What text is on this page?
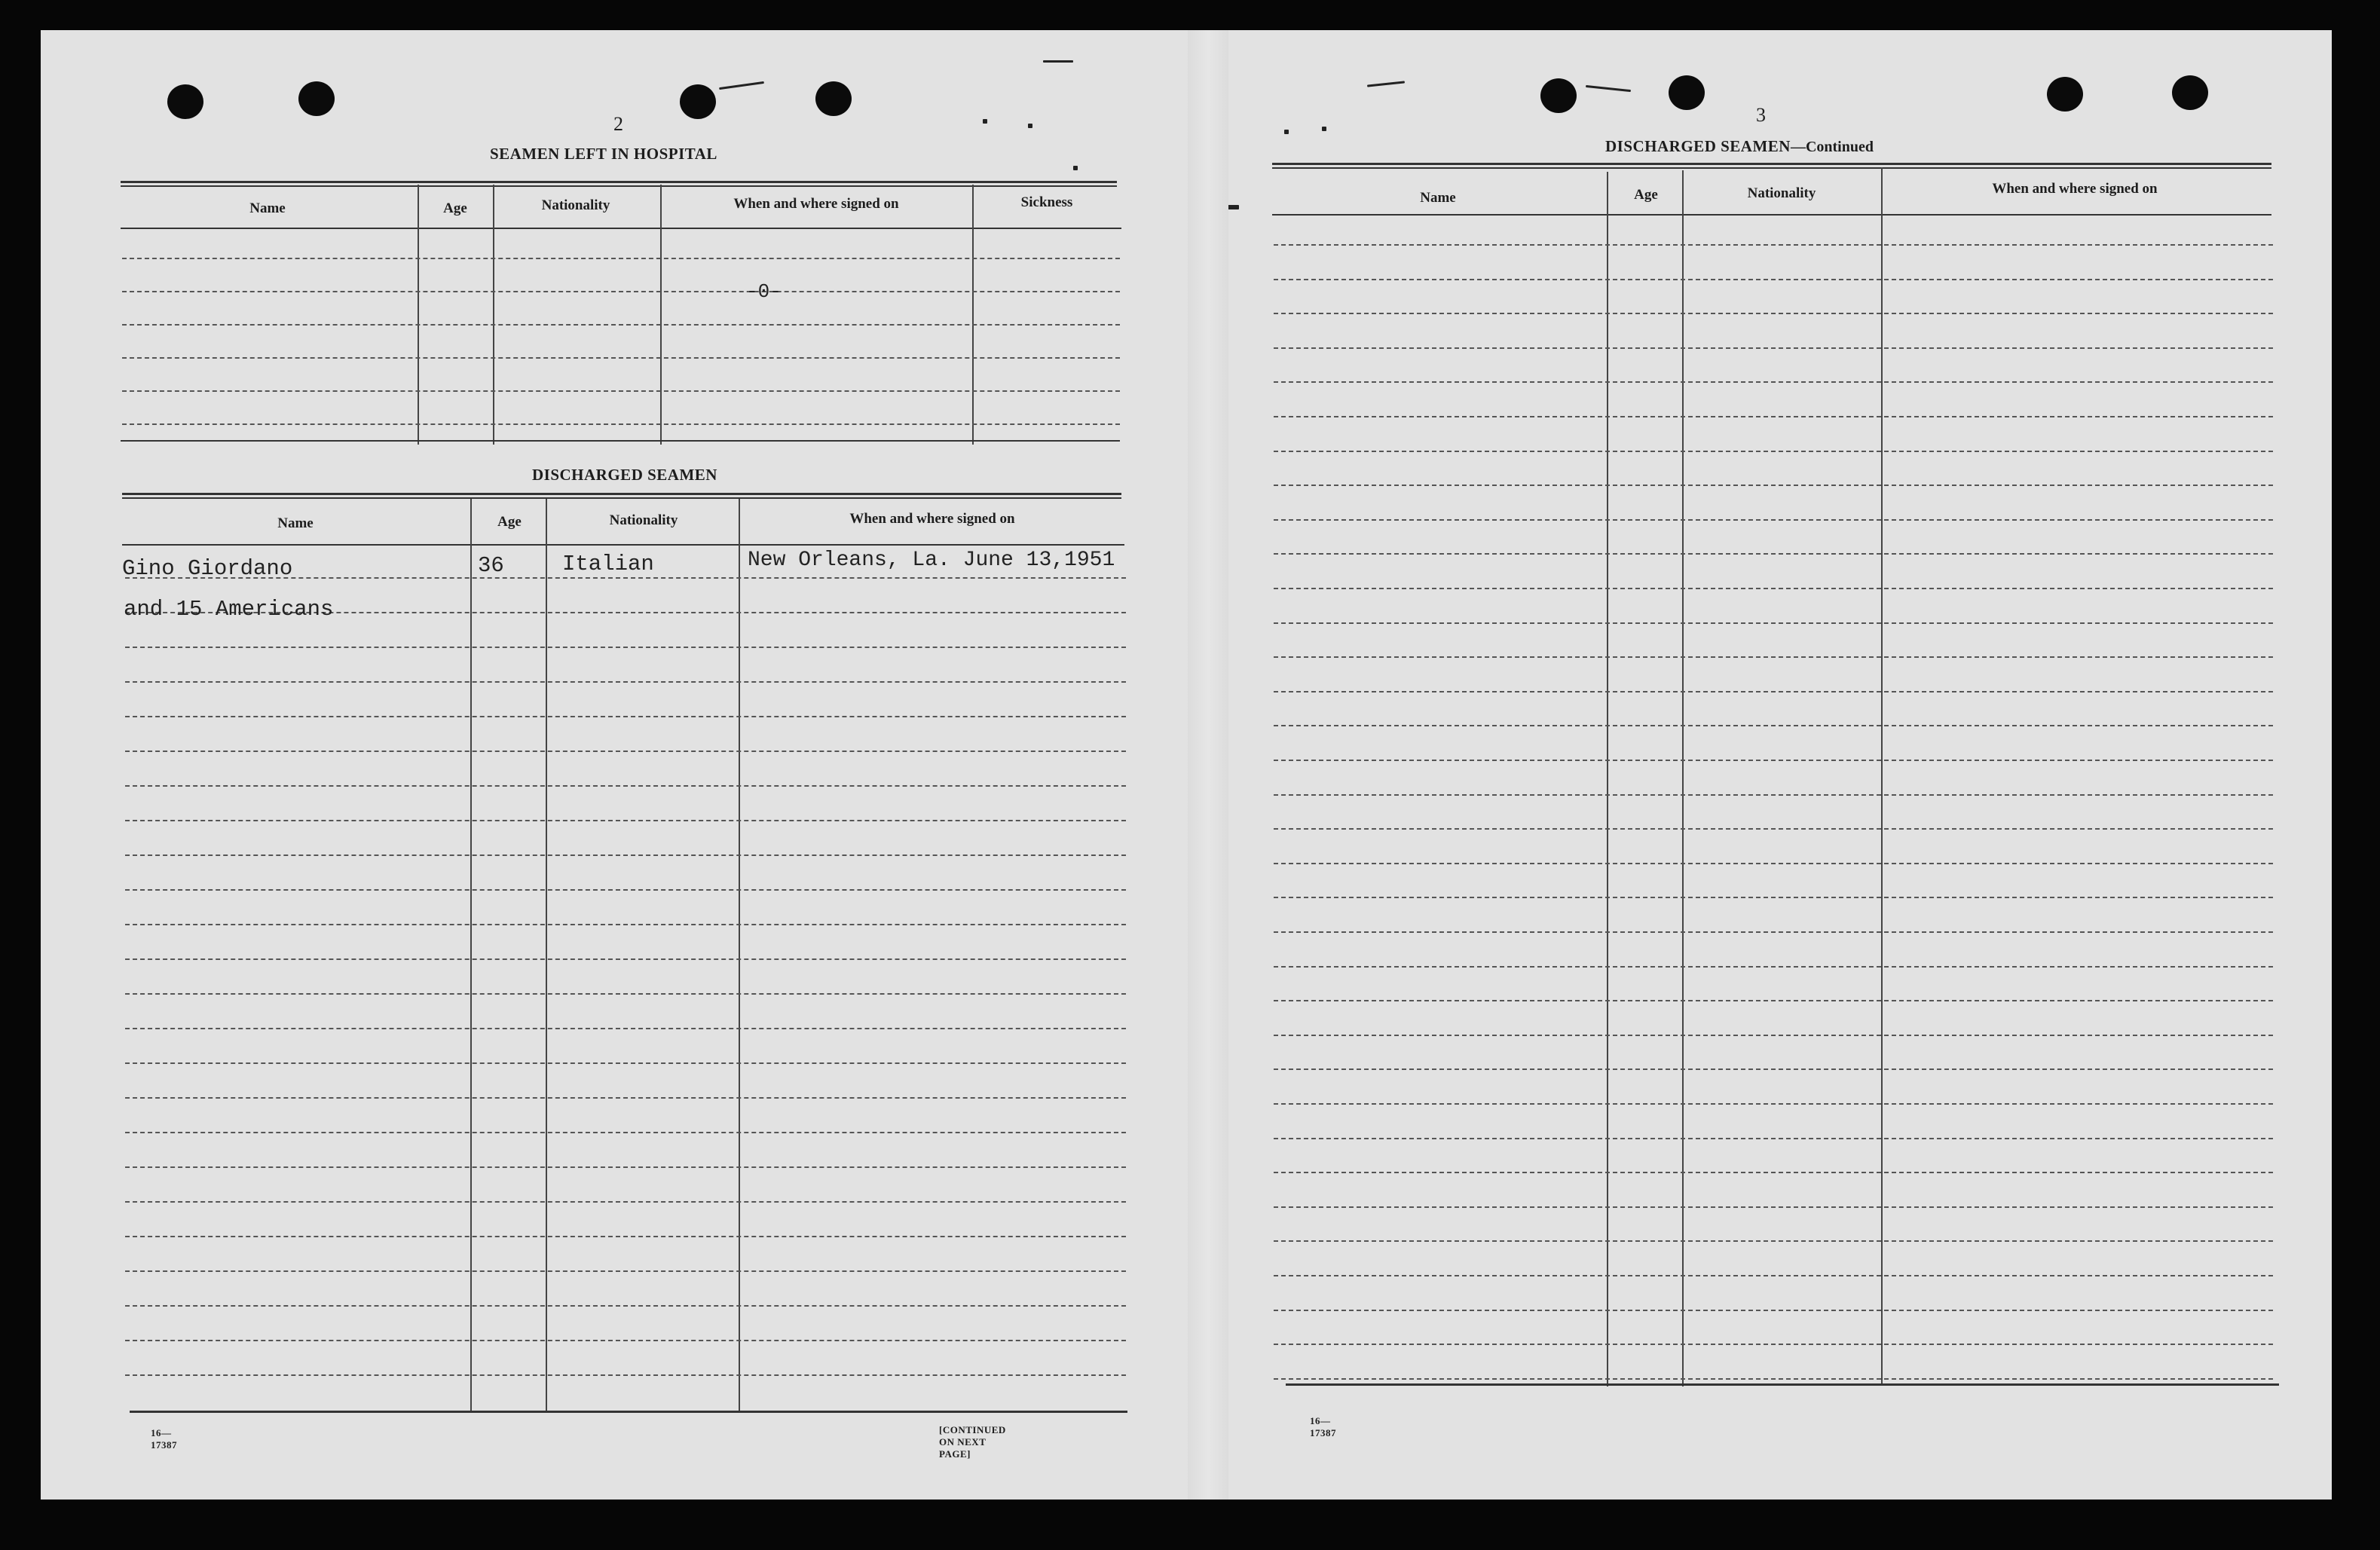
2
SEAMEN LEFT IN HOSPITAL
Name	Age	Nationality	When and where signed on	Sickness
-0-
DISCHARGED SEAMEN
Name	Age	Nationality	When and where signed on
Gino Giordano	36	Italian	New Orleans, La. June 13,1951
and 15 Americans
16—17387
[CONTINUED ON NEXT PAGE]
3
DISCHARGED SEAMEN—Continued
Name	Age	Nationality	When and where signed on
16—17387
